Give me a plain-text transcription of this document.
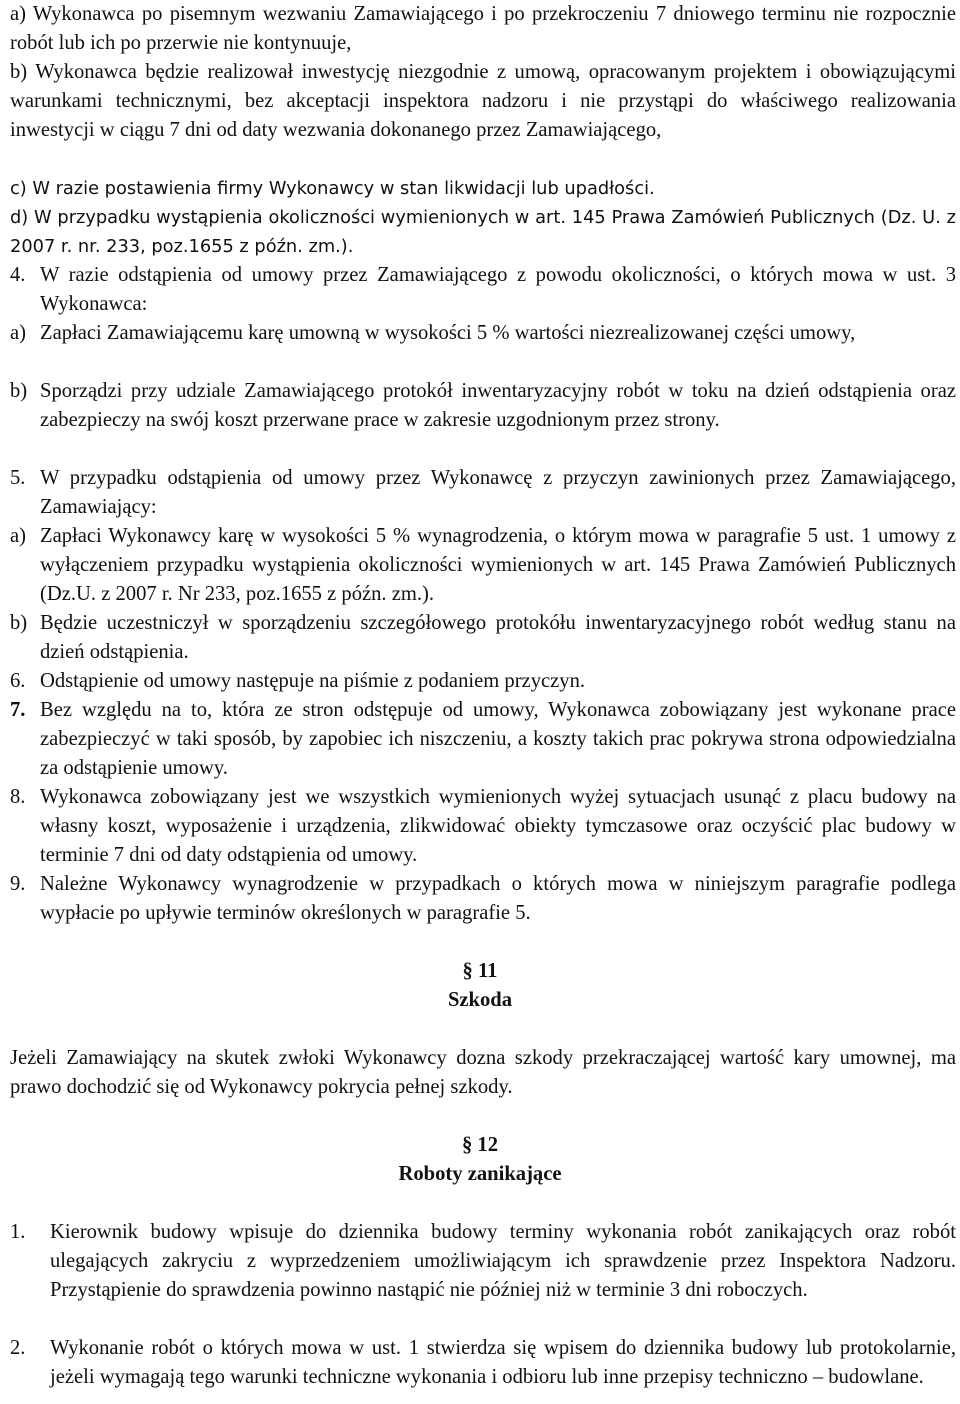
a) Wykonawca po pisemnym wezwaniu Zamawiającego i po przekroczeniu 7 dniowego terminu nie rozpocznie robót lub ich po przerwie nie kontynuuje,

b) Wykonawca będzie realizował inwestycję niezgodnie z umową, opracowanym projektem i obowiązującymi warunkami technicznymi, bez akceptacji inspektora nadzoru i nie przystąpi do właściwego realizowania inwestycji w ciągu 7 dni od daty wezwania dokonanego przez Zamawiającego,

c) W razie postawienia firmy Wykonawcy w stan likwidacji lub upadłości.

d) W przypadku wystąpienia okoliczności wymienionych w art. 145 Prawa Zamówień Publicznych (Dz. U. z 2007 r. nr. 233, poz.1655 z późn. zm.).

4. W razie odstąpienia od umowy przez Zamawiającego z powodu okoliczności, o których mowa w ust. 3 Wykonawca:

a) Zapłaci Zamawiającemu karę umowną w wysokości 5 % wartości niezrealizowanej części umowy,

b) Sporządzi przy udziale Zamawiającego protokół inwentaryzacyjny robót w toku na dzień odstąpienia oraz zabezpieczy na swój koszt przerwane prace w zakresie uzgodnionym przez strony.

5. W przypadku odstąpienia od umowy przez Wykonawcę z przyczyn zawinionych przez Zamawiającego, Zamawiający:

a) Zapłaci Wykonawcy karę w wysokości 5 % wynagrodzenia, o którym mowa w paragrafie 5 ust. 1 umowy z wyłączeniem przypadku wystąpienia okoliczności wymienionych w art. 145 Prawa Zamówień Publicznych (Dz.U. z 2007 r. Nr 233, poz.1655 z późn. zm.).

b) Będzie uczestniczył w sporządzeniu szczegółowego protokółu inwentaryzacyjnego robót według stanu na dzień odstąpienia.

6. Odstąpienie od umowy następuje na piśmie z podaniem przyczyn.

7. Bez względu na to, która ze stron odstępuje od umowy, Wykonawca zobowiązany jest wykonane prace zabezpieczyć w taki sposób, by zapobiec ich niszczeniu, a koszty takich prac pokrywa strona odpowiedzialna za odstąpienie umowy.

8. Wykonawca zobowiązany jest we wszystkich wymienionych wyżej sytuacjach usunąć z placu budowy na własny koszt, wyposażenie i urządzenia, zlikwidować obiekty tymczasowe oraz oczyścić plac budowy w terminie 7 dni od daty odstąpienia od umowy.

9. Należne Wykonawcy wynagrodzenie w przypadkach o których mowa w niniejszym paragrafie podlega wypłacie po upływie terminów określonych w paragrafie 5.

§ 11
Szkoda

Jeżeli Zamawiający na skutek zwłoki Wykonawcy dozna szkody przekraczającej wartość kary umownej, ma prawo dochodzić się od Wykonawcy pokrycia pełnej szkody.

§ 12
Roboty zanikające
1. Kierownik budowy wpisuje do dziennika budowy terminy wykonania robót zanikających oraz robót ulegających zakryciu z wyprzedzeniem umożliwiającym ich sprawdzenie przez Inspektora Nadzoru. Przystąpienie do sprawdzenia powinno nastąpić nie później niż w terminie 3 dni roboczych.

2. Wykonanie robót o których mowa w ust. 1 stwierdza się wpisem do dziennika budowy lub protokolarnie, jeżeli wymagają tego warunki techniczne wykonania i odbioru lub inne przepisy techniczno – budowlane.
